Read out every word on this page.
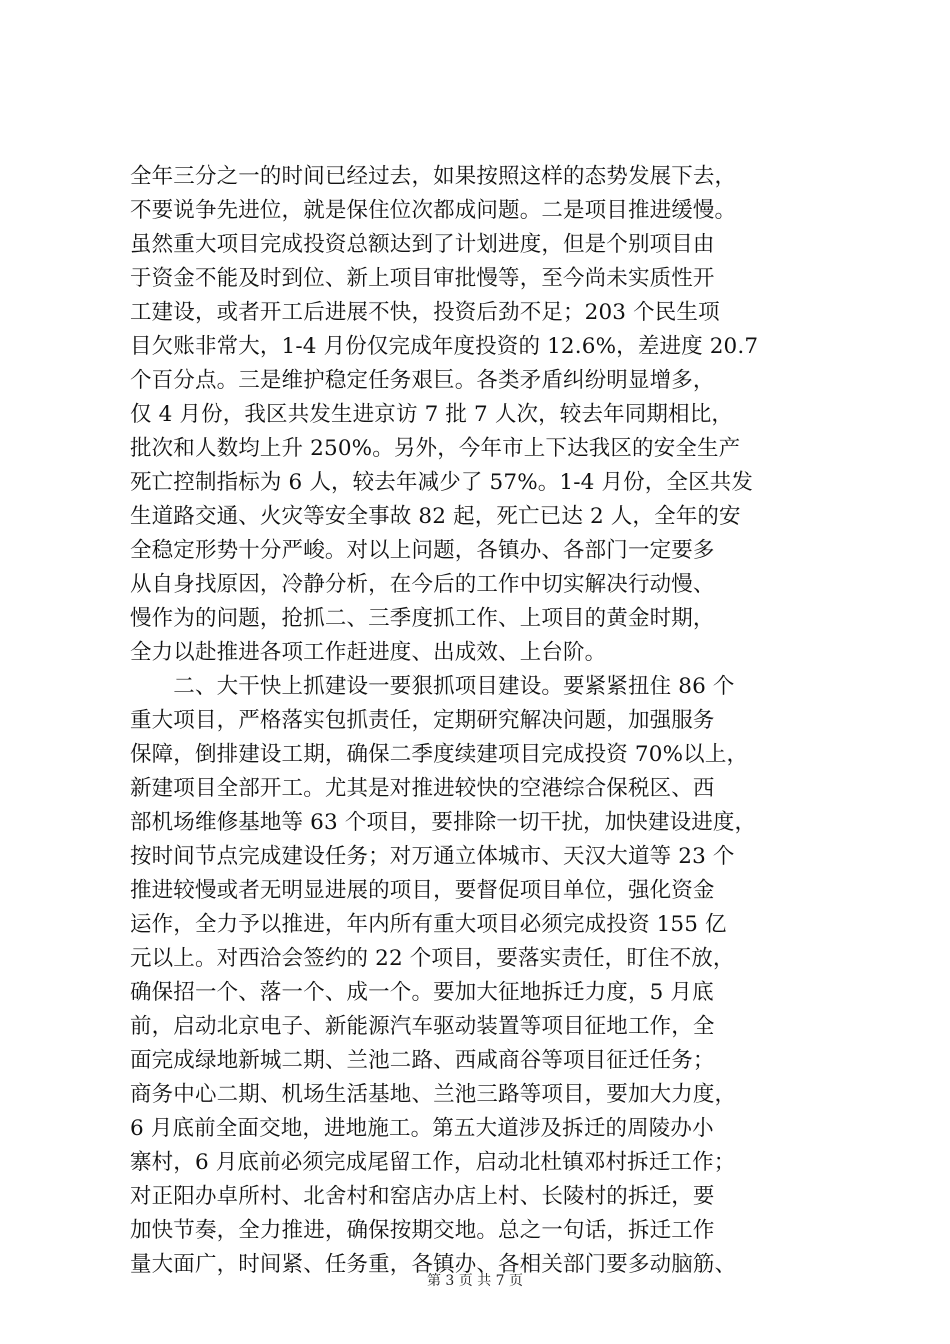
全年三分之一的时间已经过去，如果按照这样的态势发展下去，
不要说争先进位，就是保住位次都成问题。二是项目推进缓慢。
虽然重大项目完成投资总额达到了计划进度，但是个别项目由
于资金不能及时到位、新上项目审批慢等，至今尚未实质性开
工建设，或者开工后进展不快，投资后劲不足；203 个民生项
目欠账非常大，1-4 月份仅完成年度投资的 12.6%，差进度 20.7
个百分点。三是维护稳定任务艰巨。各类矛盾纠纷明显增多，
仅 4 月份，我区共发生进京访 7 批 7 人次，较去年同期相比，
批次和人数均上升 250%。另外，今年市上下达我区的安全生产
死亡控制指标为 6 人，较去年减少了 57%。1-4 月份，全区共发
生道路交通、火灾等安全事故 82 起，死亡已达 2 人，全年的安
全稳定形势十分严峻。对以上问题，各镇办、各部门一定要多
从自身找原因，冷静分析，在今后的工作中切实解决行动慢、
慢作为的问题，抢抓二、三季度抓工作、上项目的黄金时期，
全力以赴推进各项工作赶进度、出成效、上台阶。
　　二、大干快上抓建设一要狠抓项目建设。要紧紧扭住 86 个
重大项目，严格落实包抓责任，定期研究解决问题，加强服务
保障，倒排建设工期，确保二季度续建项目完成投资 70%以上，
新建项目全部开工。尤其是对推进较快的空港综合保税区、西
部机场维修基地等 63 个项目，要排除一切干扰，加快建设进度，
按时间节点完成建设任务；对万通立体城市、天汉大道等 23 个
推进较慢或者无明显进展的项目，要督促项目单位，强化资金
运作，全力予以推进，年内所有重大项目必须完成投资 155 亿
元以上。对西洽会签约的 22 个项目，要落实责任，盯住不放，
确保招一个、落一个、成一个。要加大征地拆迁力度，5 月底
前，启动北京电子、新能源汽车驱动装置等项目征地工作，全
面完成绿地新城二期、兰池二路、西咸商谷等项目征迁任务；
商务中心二期、机场生活基地、兰池三路等项目，要加大力度，
6 月底前全面交地，进地施工。第五大道涉及拆迁的周陵办小
寨村，6 月底前必须完成尾留工作，启动北杜镇邓村拆迁工作；
对正阳办卓所村、北舍村和窑店办店上村、长陵村的拆迁，要
加快节奏，全力推进，确保按期交地。总之一句话，拆迁工作
量大面广，时间紧、任务重，各镇办、各相关部门要多动脑筋、
第 3 页 共 7 页
